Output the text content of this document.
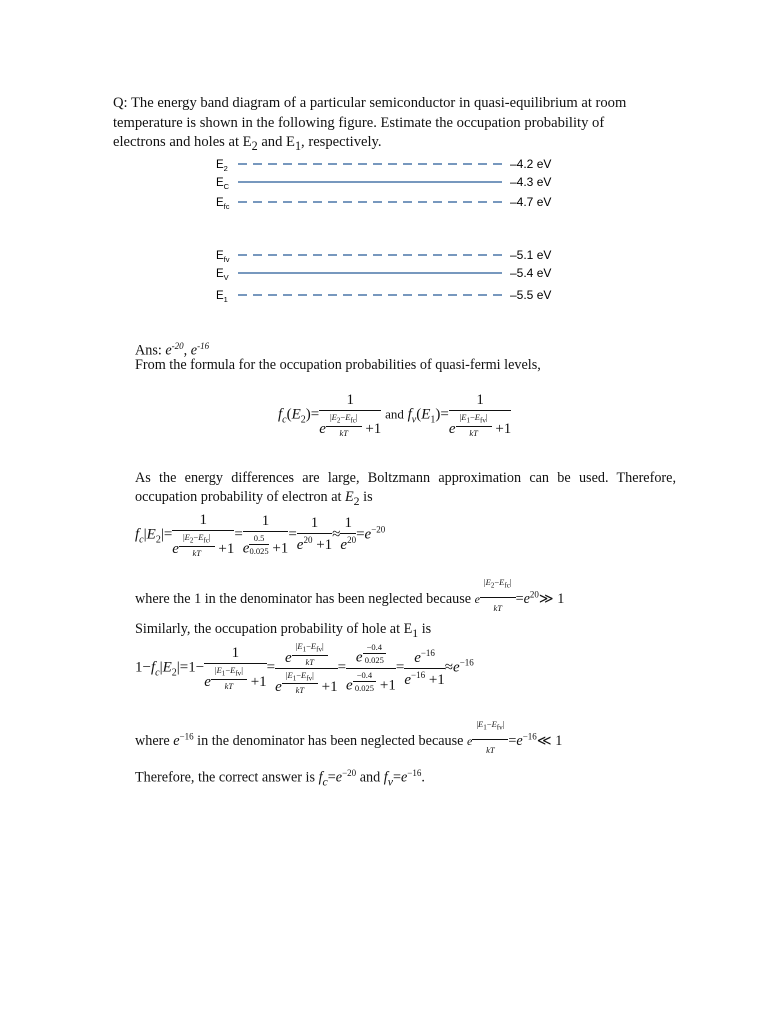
Q: The energy band diagram of a particular semiconductor in quasi-equilibrium at room temperature is shown in the following figure. Estimate the occupation probability of electrons and holes at $E_2$ and $E_1$, respectively.
$E_2$	–4.2 eV
$E_C$	–4.3 eV
$E_{fc}$	–4.7 eV
$E_{fv}$	–5.1 eV
$E_V$	–5.4 eV
$E_1$	–5.5 eV
Ans: $e^{-20}$, $e^{-16}$
From the formula for the occupation probabilities of quasi-fermi levels,
$f_c(E_2)= 1$
e $^{\frac{|E_2-E_{fc}|}{kT}}$ +1 and $f_v(E_1)= 1$
e $^{\frac{|E_1-E_{fv}|}{kT}}$ +1
As the energy differences are large, Boltzmann approximation can be used. Therefore,
occupation probability of electron at $E_2$ is
$f_c|E_2|= 1$
e $^{\frac{|E_2-E_{fc}|}{kT}}$ +1 = 1
e $^{\frac{0.5}{0.025}} +1 = \frac{1}{e^{20} +1} \approx \frac{1}{e^{20}} =e^{-20}$
where the 1 in the denominator has been neglected because e $^{\frac{|E_2-E_{fc}|}{kT}} =e^{20}≫$ 1
Similarly, the occupation probability of hole at $E_1$ is
$1-f_c|E_2|=1- 1$
e $^{\frac{|E_1-E_{fv}|}{kT}}$ +1 = e $^{\frac{|E_1-E_{fv}|}{kT}}$
e $^{\frac{|E_1-E_{fv}|}{kT}}$ +1 = e $^{\frac{-0.4}{0.025}}$
e $^{\frac{-0.4}{0.025}} +1 = \frac{e^{-16}}{e^{-16} +1} \approx e^{-16}$
where $e^{-16}$ in the denominator has been neglected because e $^{\frac{|E_1-E_{fv}|}{kT}} =e^{-16}≪$ 1
Therefore, the correct answer is $f_c=e^{-20}$ and $f_v=e^{-16}$.
